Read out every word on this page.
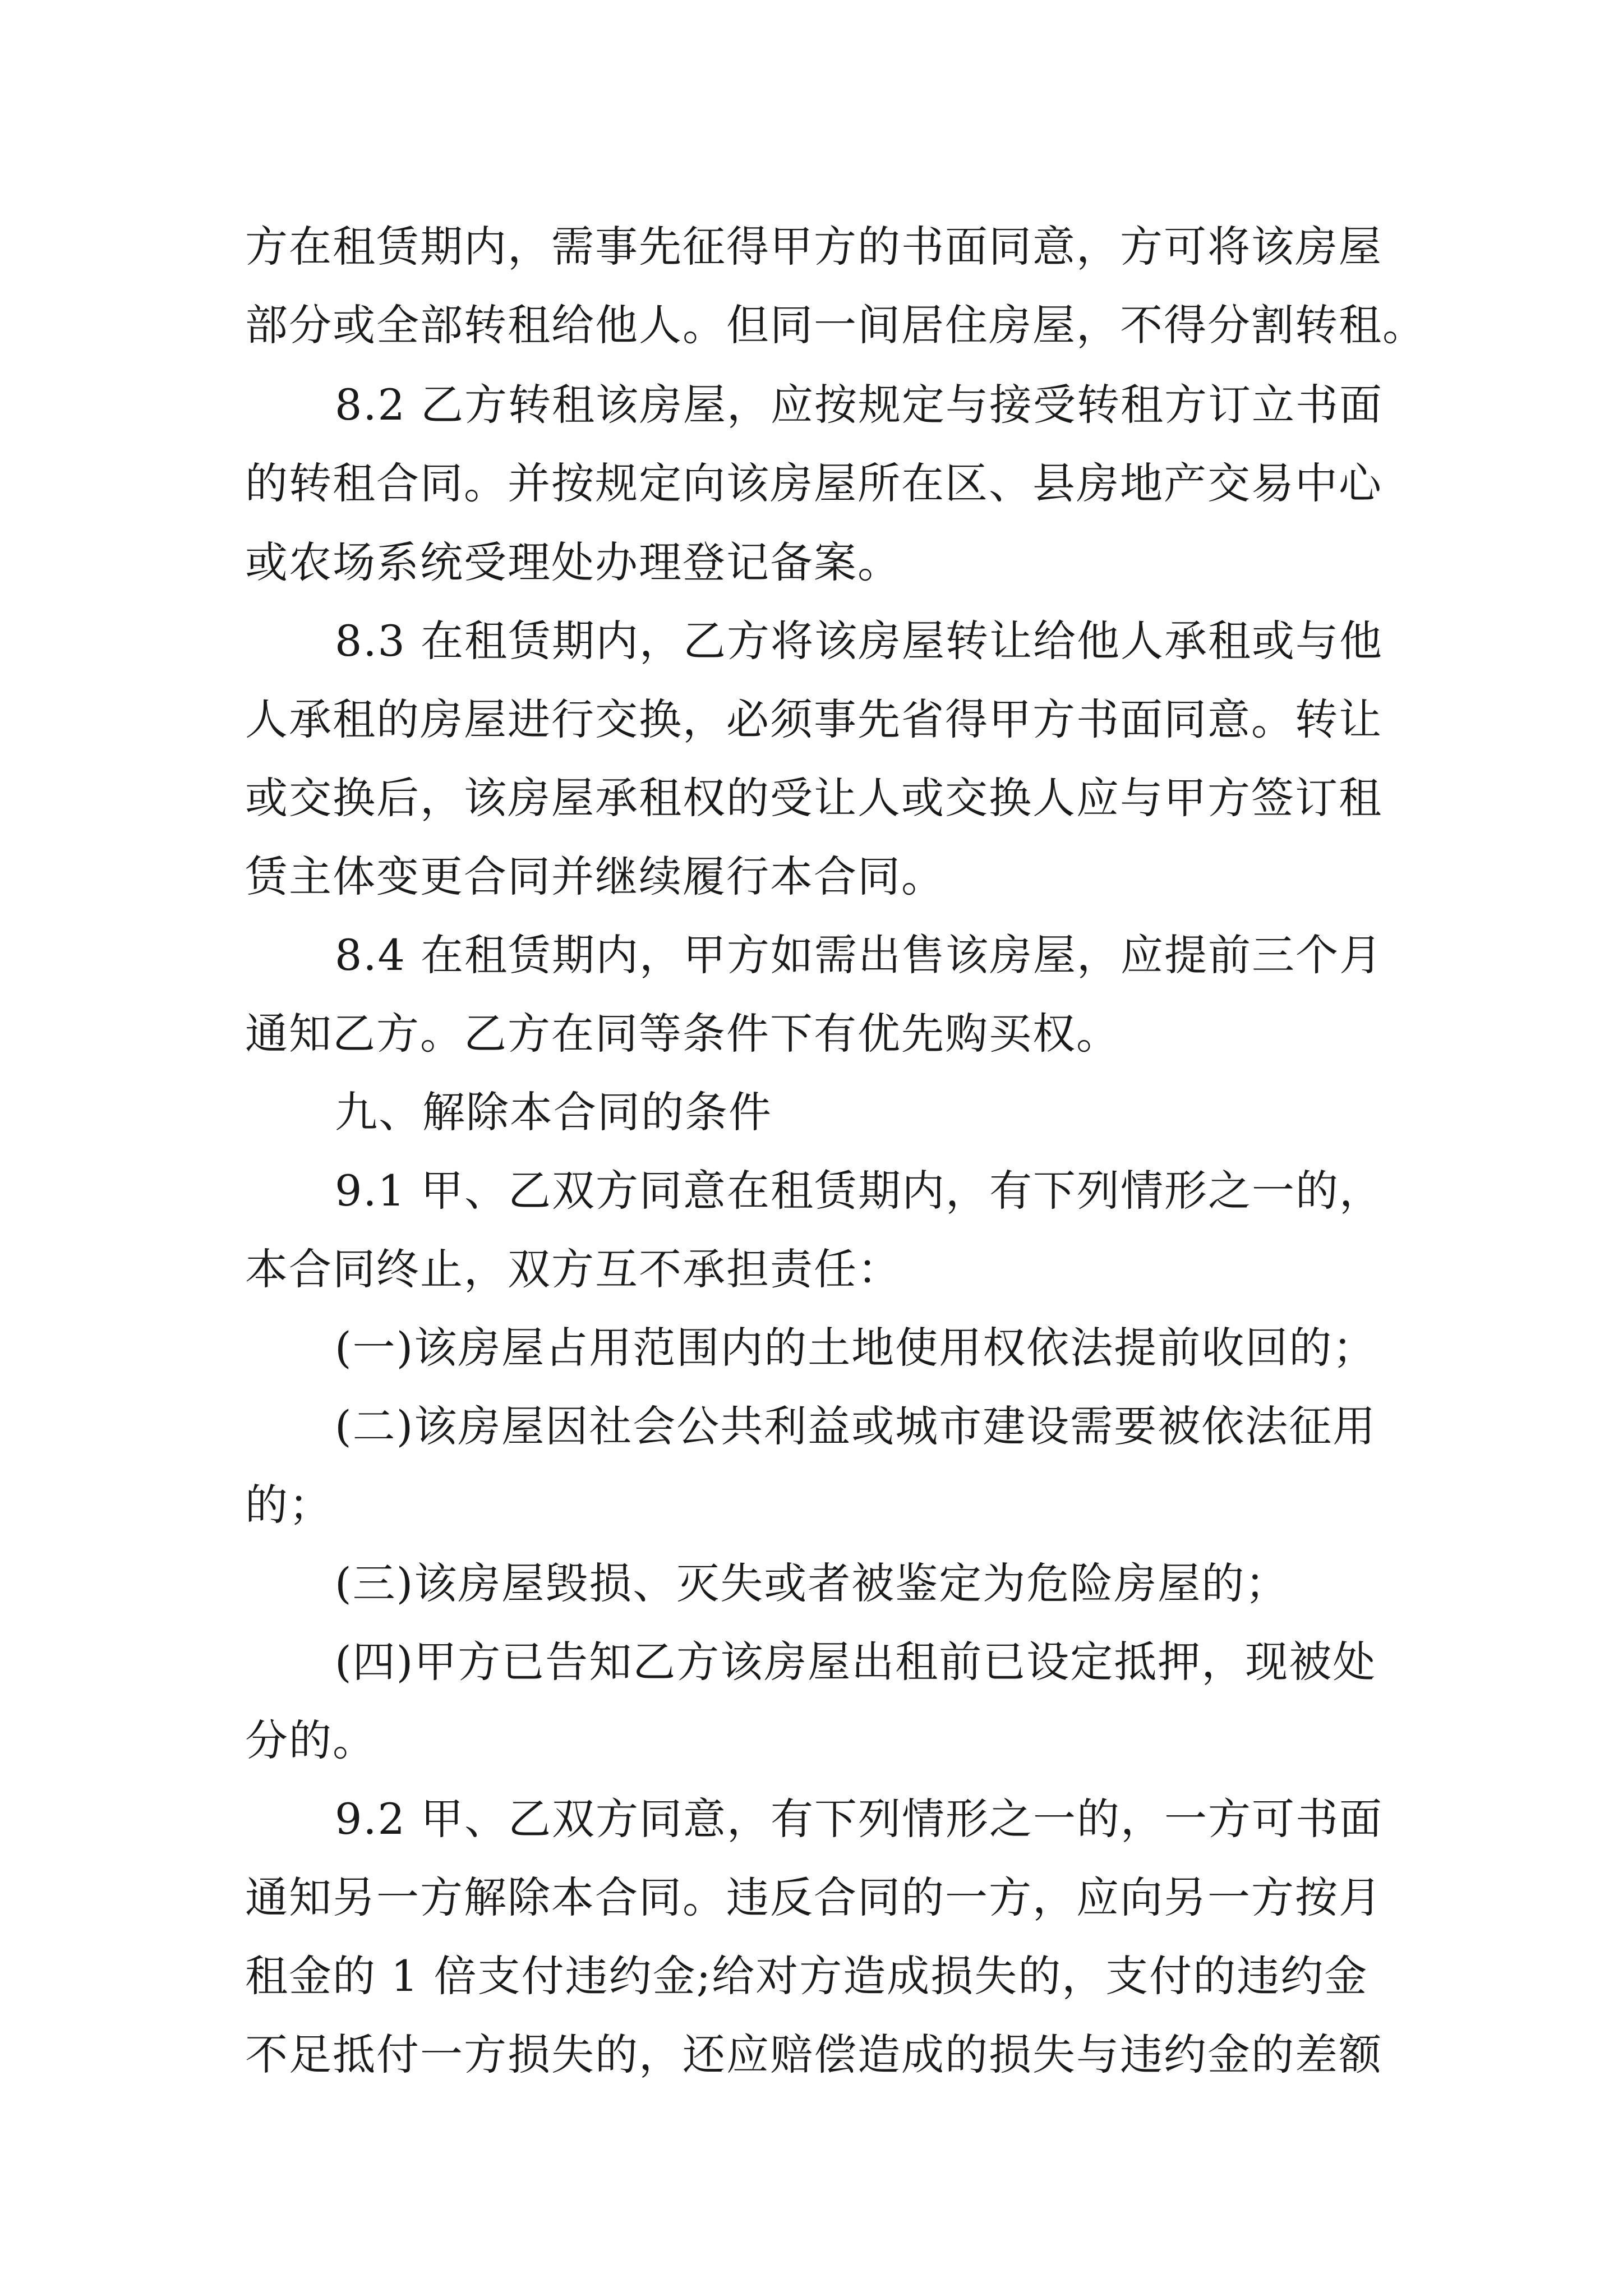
方在租赁期内，需事先征得甲方的书面同意，方可将该房屋
部分或全部转租给他人。但同一间居住房屋，不得分割转租。
8.2 乙方转租该房屋，应按规定与接受转租方订立书面
的转租合同。并按规定向该房屋所在区、县房地产交易中心
或农场系统受理处办理登记备案。
8.3 在租赁期内，乙方将该房屋转让给他人承租或与他
人承租的房屋进行交换，必须事先省得甲方书面同意。转让
或交换后，该房屋承租权的受让人或交换人应与甲方签订租
赁主体变更合同并继续履行本合同。
8.4 在租赁期内，甲方如需出售该房屋，应提前三个月
通知乙方。乙方在同等条件下有优先购买权。
九、解除本合同的条件
9.1 甲、乙双方同意在租赁期内，有下列情形之一的，
本合同终止，双方互不承担责任：
(一)该房屋占用范围内的土地使用权依法提前收回的；
(二)该房屋因社会公共利益或城市建设需要被依法征用
的；
(三)该房屋毁损、灭失或者被鉴定为危险房屋的；
(四)甲方已告知乙方该房屋出租前已设定抵押，现被处
分的。
9.2 甲、乙双方同意，有下列情形之一的，一方可书面
通知另一方解除本合同。违反合同的一方，应向另一方按月
租金的 1 倍支付违约金;给对方造成损失的，支付的违约金
不足抵付一方损失的，还应赔偿造成的损失与违约金的差额
